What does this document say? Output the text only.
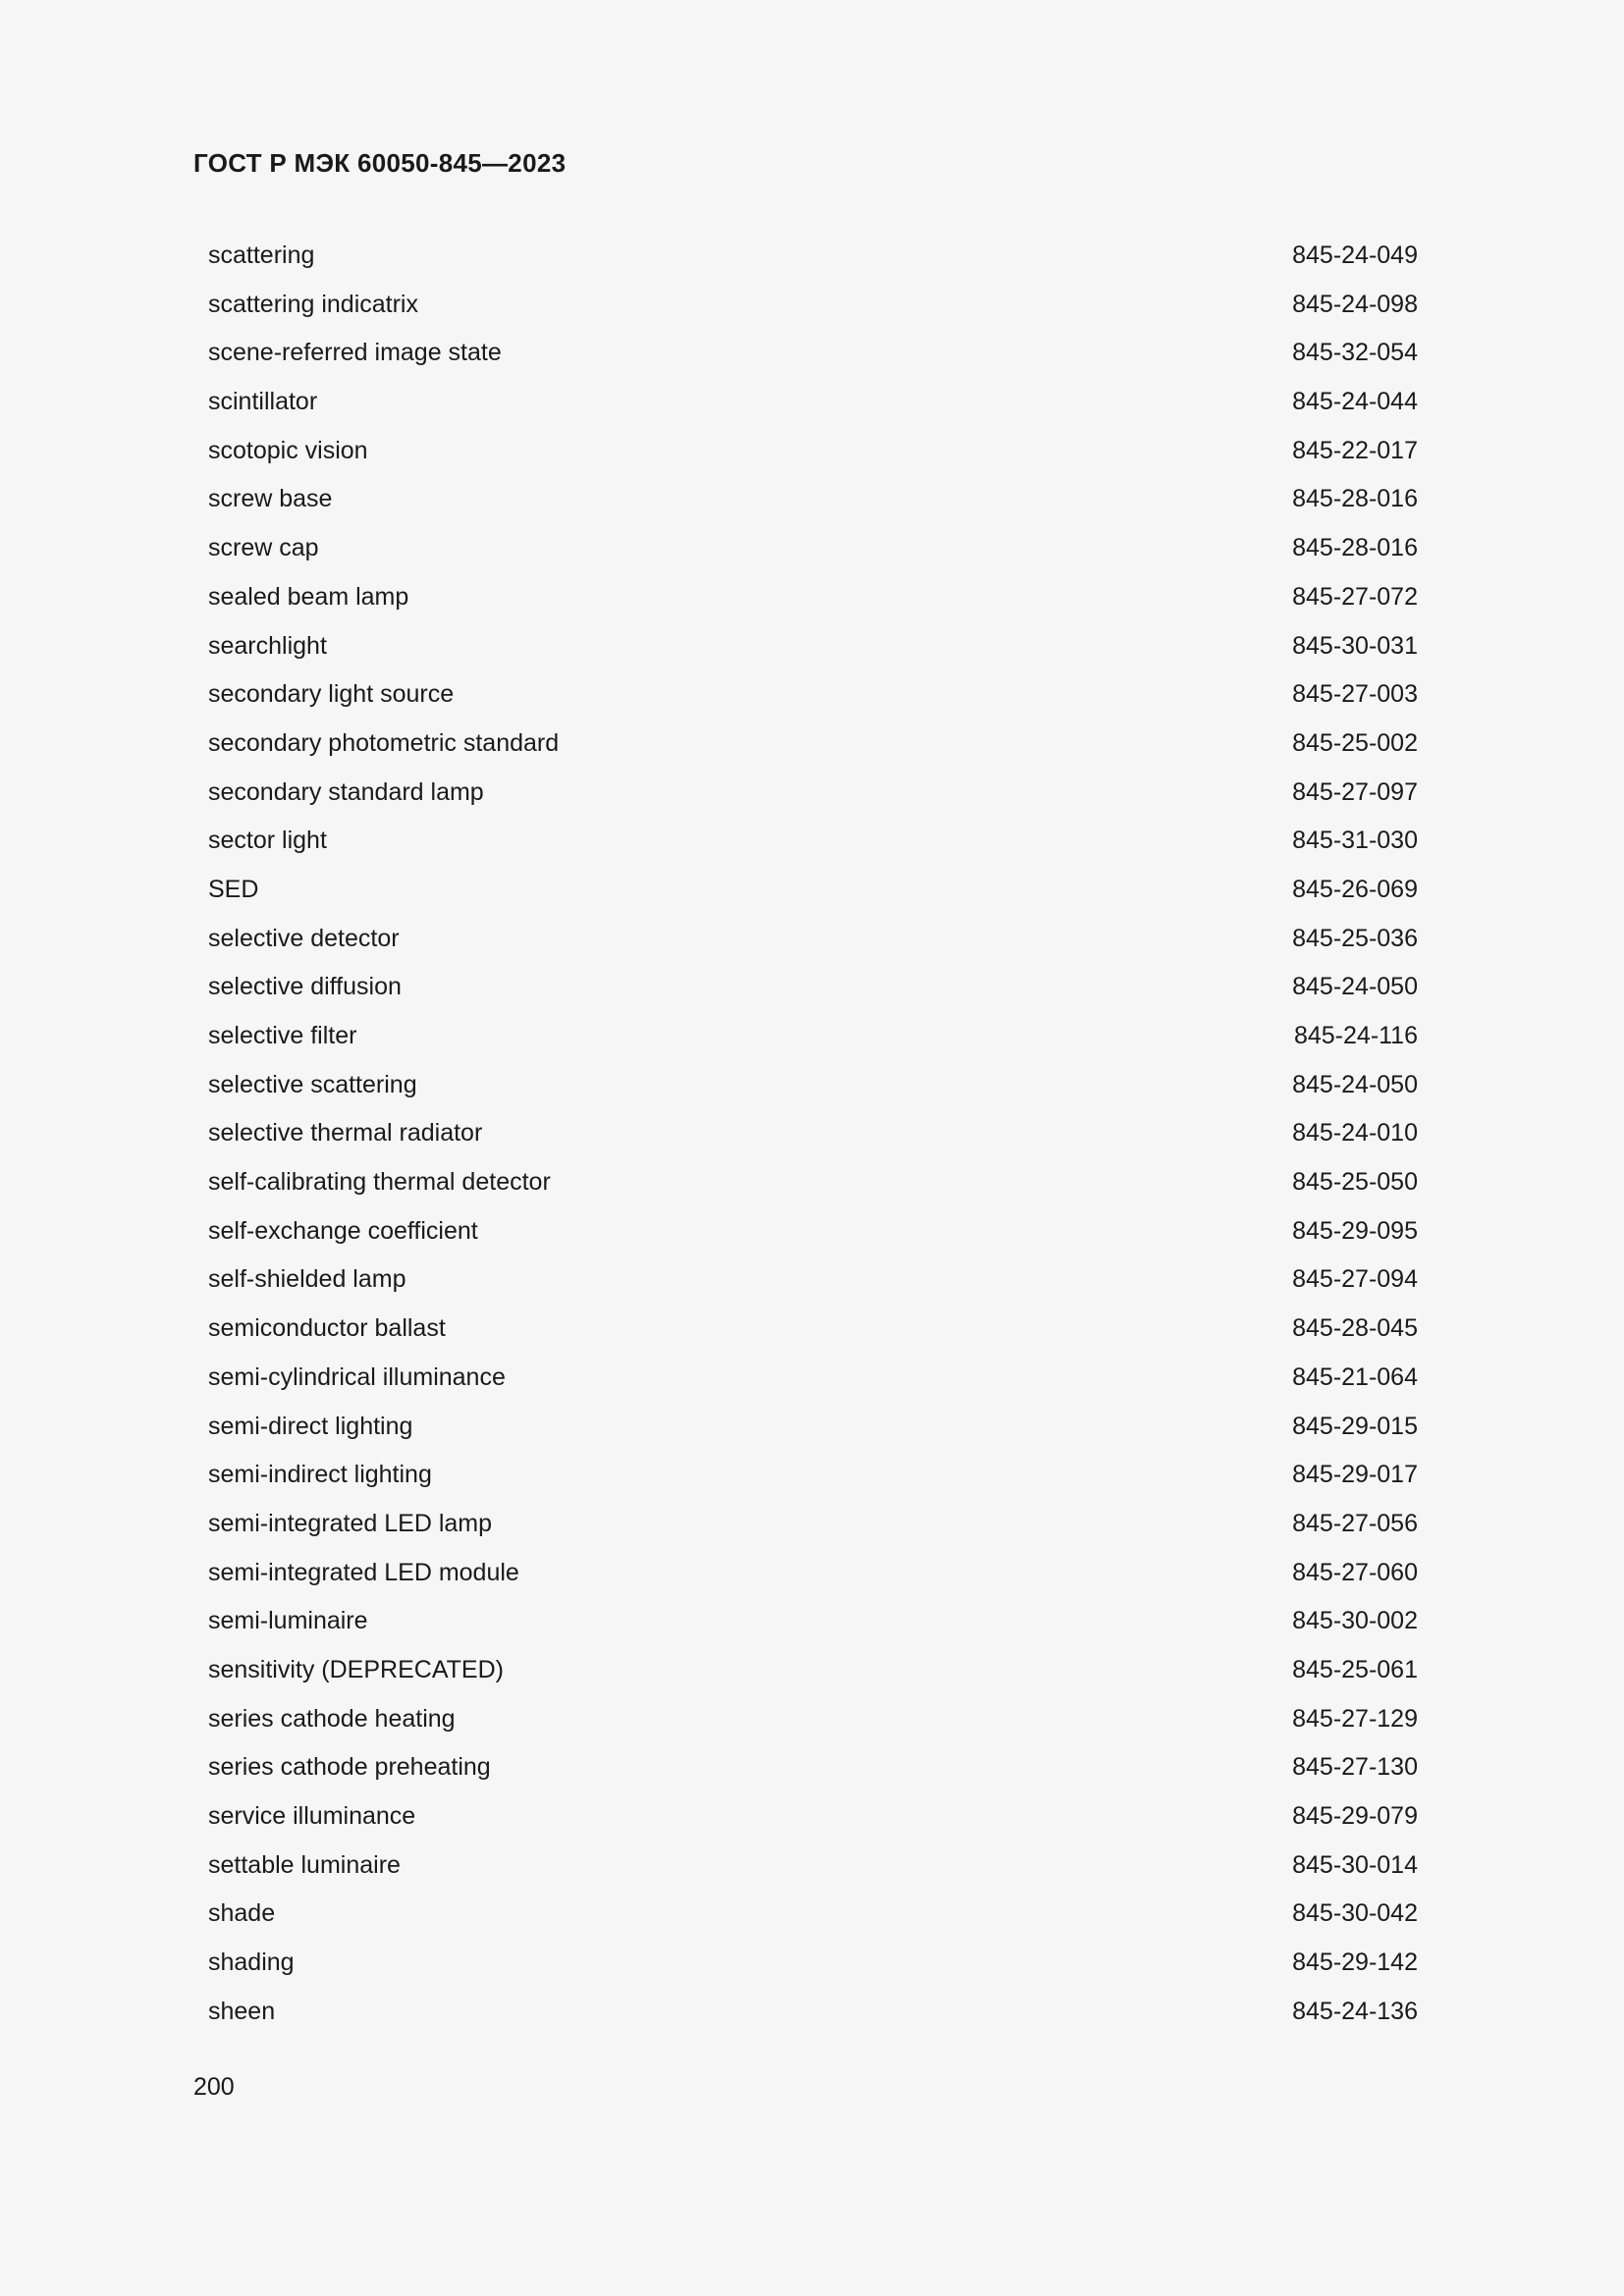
ГОСТ Р МЭК 60050-845—2023
scattering	845-24-049
scattering indicatrix	845-24-098
scene-referred image state	845-32-054
scintillator	845-24-044
scotopic vision	845-22-017
screw base	845-28-016
screw cap	845-28-016
sealed beam lamp	845-27-072
searchlight	845-30-031
secondary light source	845-27-003
secondary photometric standard	845-25-002
secondary standard lamp	845-27-097
sector light	845-31-030
SED	845-26-069
selective detector	845-25-036
selective diffusion	845-24-050
selective filter	845-24-116
selective scattering	845-24-050
selective thermal radiator	845-24-010
self-calibrating thermal detector	845-25-050
self-exchange coefficient	845-29-095
self-shielded lamp	845-27-094
semiconductor ballast	845-28-045
semi-cylindrical illuminance	845-21-064
semi-direct lighting	845-29-015
semi-indirect lighting	845-29-017
semi-integrated LED lamp	845-27-056
semi-integrated LED module	845-27-060
semi-luminaire	845-30-002
sensitivity (DEPRECATED)	845-25-061
series cathode heating	845-27-129
series cathode preheating	845-27-130
service illuminance	845-29-079
settable luminaire	845-30-014
shade	845-30-042
shading	845-29-142
sheen	845-24-136
200
